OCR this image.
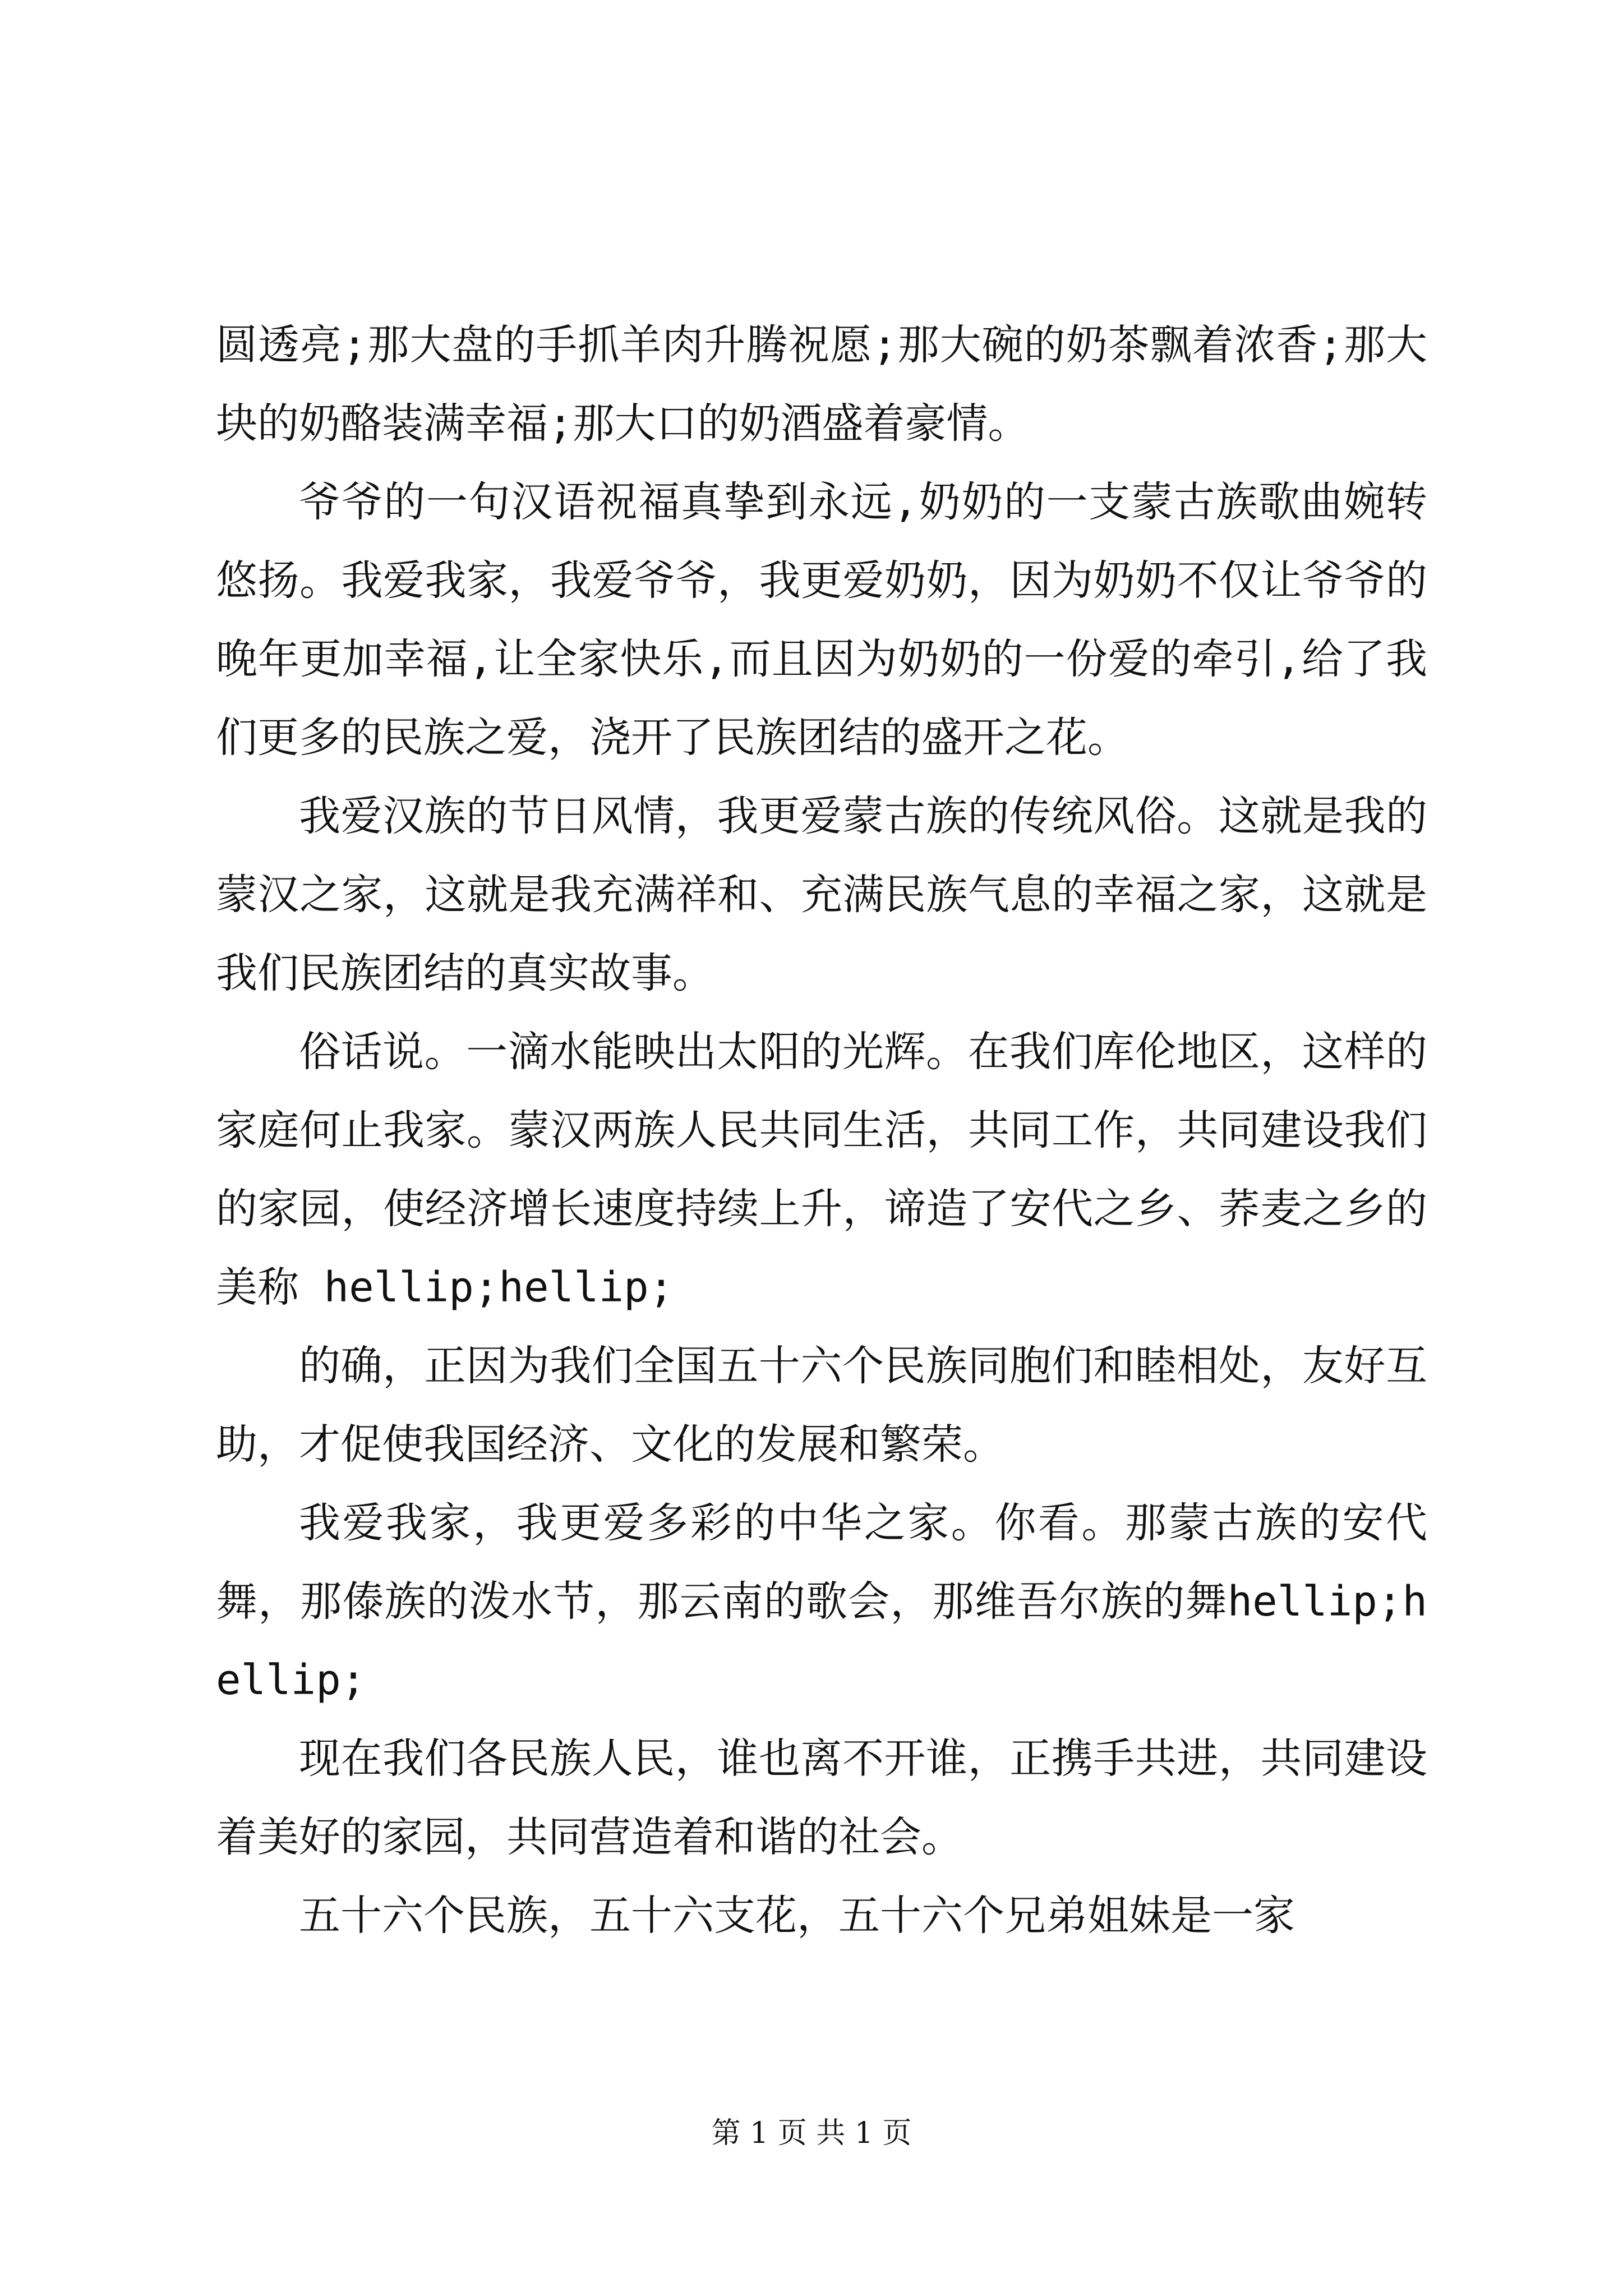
圆透亮;那大盘的手抓羊肉升腾祝愿;那大碗的奶茶飘着浓香;那大块的奶酪装满幸福;那大口的奶酒盛着豪情。

爷爷的一句汉语祝福真挚到永远,奶奶的一支蒙古族歌曲婉转悠扬。我爱我家，我爱爷爷，我更爱奶奶，因为奶奶不仅让爷爷的晚年更加幸福,让全家快乐,而且因为奶奶的一份爱的牵引,给了我们更多的民族之爱，浇开了民族团结的盛开之花。

我爱汉族的节日风情，我更爱蒙古族的传统风俗。这就是我的蒙汉之家，这就是我充满祥和、充满民族气息的幸福之家，这就是我们民族团结的真实故事。

俗话说。一滴水能映出太阳的光辉。在我们库伦地区，这样的家庭何止我家。蒙汉两族人民共同生活，共同工作，共同建设我们的家园，使经济增长速度持续上升，谛造了安代之乡、荞麦之乡的美称 hellip;hellip;

的确，正因为我们全国五十六个民族同胞们和睦相处，友好互助，才促使我国经济、文化的发展和繁荣。

我爱我家，我更爱多彩的中华之家。你看。那蒙古族的安代舞，那傣族的泼水节，那云南的歌会，那维吾尔族的舞hellip;hellip;

现在我们各民族人民，谁也离不开谁，正携手共进，共同建设着美好的家园，共同营造着和谐的社会。

五十六个民族，五十六支花，五十六个兄弟姐妹是一家

第 1 页 共 1 页
